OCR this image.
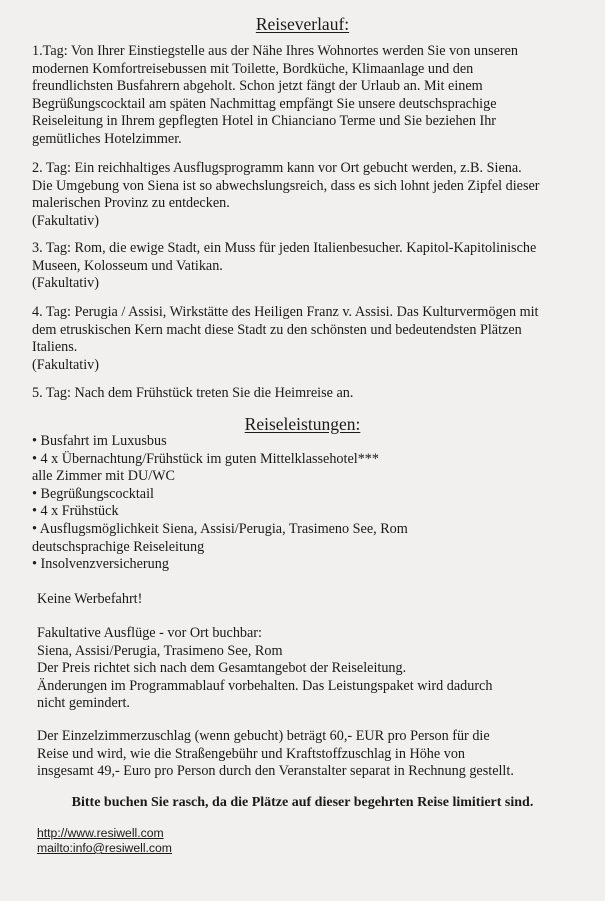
Reiseverlauf:
1.Tag: Von Ihrer Einstiegstelle aus der Nähe Ihres Wohnortes werden Sie von unseren
modernen Komfortreisebussen mit Toilette, Bordküche, Klimaanlage und den
freundlichsten Busfahrern abgeholt. Schon jetzt fängt der Urlaub an. Mit einem
Begrüßungscocktail am späten Nachmittag empfängt Sie unsere deutschsprachige
Reiseleitung in Ihrem gepflegten Hotel in Chianciano Terme und Sie beziehen Ihr
gemütliches Hotelzimmer.
2. Tag: Ein reichhaltiges Ausflugsprogramm kann vor Ort gebucht werden, z.B. Siena.
Die Umgebung von Siena ist so abwechslungsreich, dass es sich lohnt jeden Zipfel dieser
malerischen Provinz zu entdecken.
(Fakultativ)
3. Tag: Rom, die ewige Stadt, ein Muss für jeden Italienbesucher. Kapitol-Kapitolinische
Museen, Kolosseum und Vatikan.
(Fakultativ)
4. Tag: Perugia / Assisi, Wirkstätte des Heiligen Franz v. Assisi. Das Kulturvermögen mit
dem etruskischen Kern macht diese Stadt zu den schönsten und bedeutendsten Plätzen
Italiens.
(Fakultativ)
5. Tag: Nach dem Frühstück treten Sie die Heimreise an.
Reiseleistungen:
• Busfahrt im Luxusbus
• 4 x Übernachtung/Frühstück im guten Mittelklassehotel***
alle Zimmer mit DU/WC
• Begrüßungscocktail
• 4 x Frühstück
• Ausflugsmöglichkeit Siena, Assisi/Perugia, Trasimeno See, Rom
deutschsprachige Reiseleitung
• Insolvenzversicherung
Keine Werbefahrt!
Fakultative Ausflüge - vor Ort buchbar:
Siena, Assisi/Perugia, Trasimeno See, Rom
Der Preis richtet sich nach dem Gesamtangebot der Reiseleitung.
Änderungen im Programmablauf vorbehalten. Das Leistungspaket wird dadurch
nicht gemindert.
Der Einzelzimmerzuschlag (wenn gebucht) beträgt 60,- EUR pro Person für die
Reise und wird, wie die Straßengebühr und Kraftstoffzuschlag in Höhe von
insgesamt 49,- Euro pro Person durch den Veranstalter separat in Rechnung gestellt.
Bitte buchen Sie rasch, da die Plätze auf dieser begehrten Reise limitiert sind.
http://www.resiwell.com
mailto:info@resiwell.com
